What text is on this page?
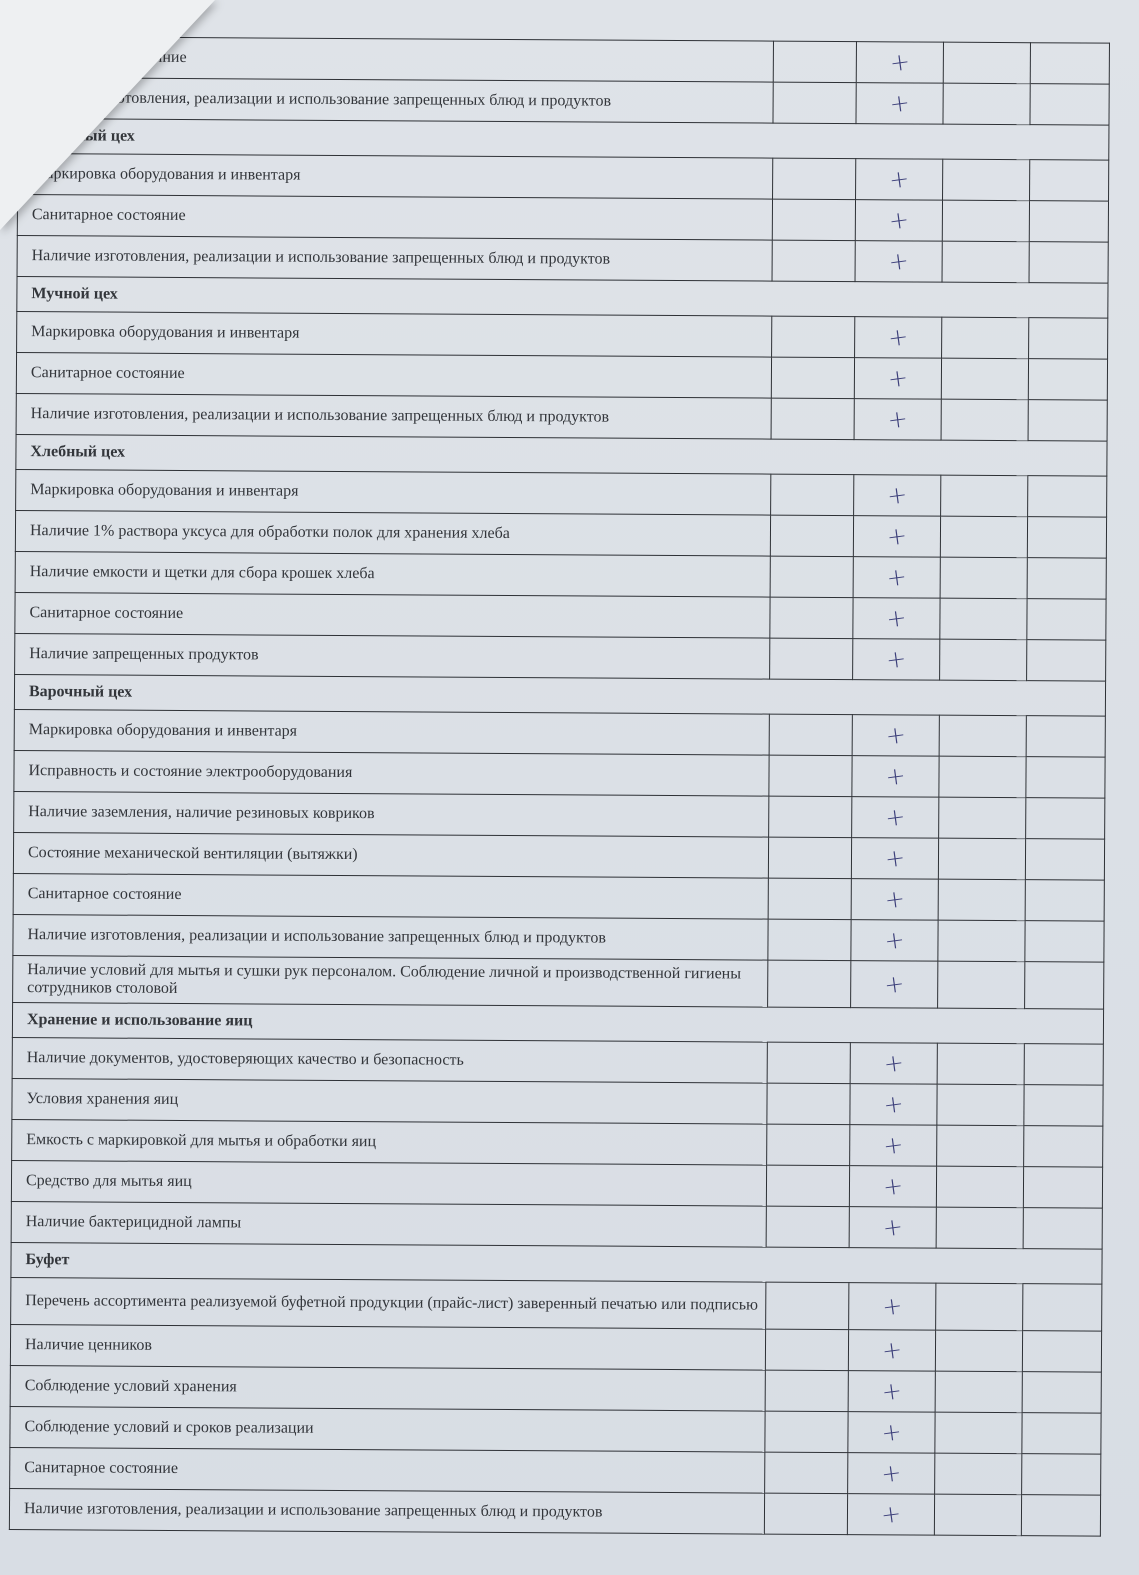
Санитарное состояние		+		

Наличие изготовления, реализации и использование запрещенных блюд и продуктов		+		

Холодный цех				
Маркировка оборудования и инвентаря		+		

Санитарное состояние		+		

Наличие изготовления, реализации и использование запрещенных блюд и продуктов		+		

Мучной цех				
Маркировка оборудования и инвентаря		+		

Санитарное состояние		+		

Наличие изготовления, реализации и использование запрещенных блюд и продуктов		+		

Хлебный цех				
Маркировка оборудования и инвентаря		+		

Наличие 1% раствора уксуса для обработки полок для хранения хлеба		+		

Наличие емкости и щетки для сбора крошек хлеба		+		

Санитарное состояние		+		

Наличие запрещенных продуктов		+		

Варочный цех				
Маркировка оборудования и инвентаря		+		

Исправность и состояние электрооборудования		+		

Наличие заземления, наличие резиновых ковриков		+		

Состояние механической вентиляции (вытяжки)		+		

Санитарное состояние		+		

Наличие изготовления, реализации и использование запрещенных блюд и продуктов		+		

Наличие условий для мытья и сушки рук персоналом. Соблюдение личной и производственной гигиены сотрудников столовой		+		

Хранение и использование яиц				
Наличие документов, удостоверяющих качество и безопасность		+		

Условия хранения яиц		+		

Емкость с маркировкой для мытья и обработки яиц		+		

Средство для мытья яиц		+		

Наличие бактерицидной лампы		+		

Буфет				
Перечень ассортимента реализуемой буфетной продукции (прайс-лист) заверенный печатью или подписью		+		

Наличие ценников		+		

Соблюдение условий хранения		+		

Соблюдение условий и сроков реализации		+		

Санитарное состояние		+		

Наличие изготовления, реализации и использование запрещенных блюд и продуктов		+		
